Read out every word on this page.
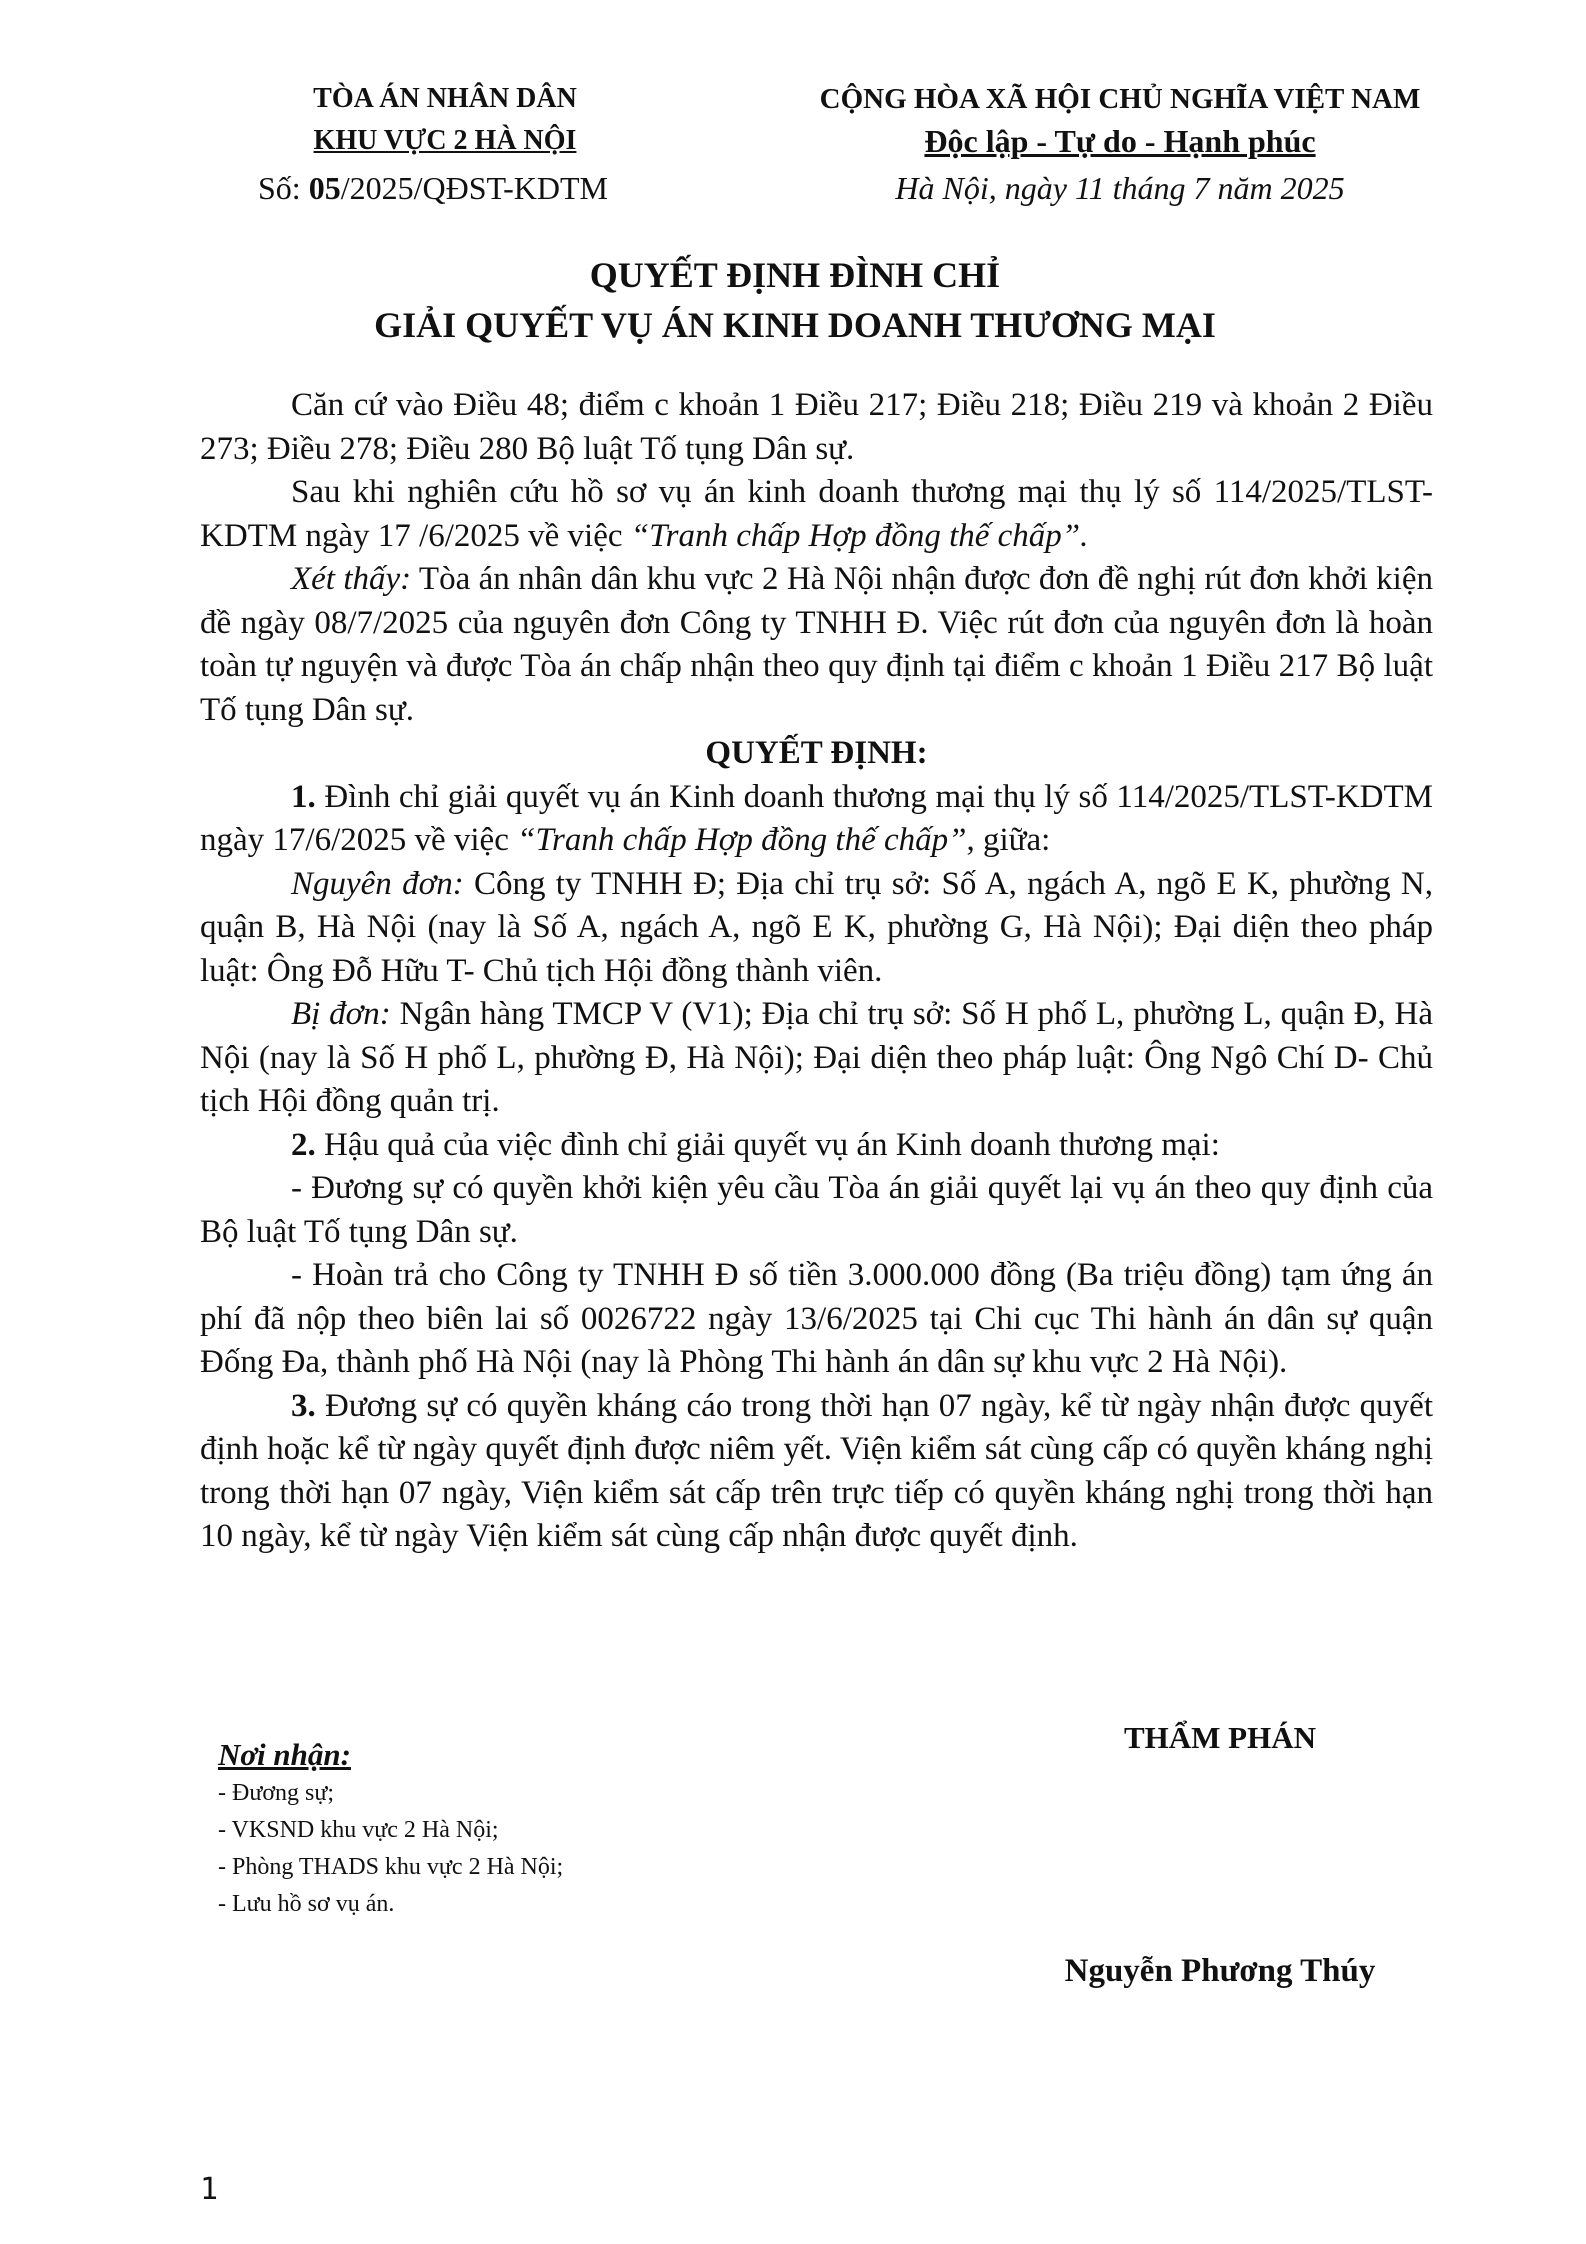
TÒA ÁN NHÂN DÂN
KHU VỰC 2 HÀ NỘI
CỘNG HÒA XÃ HỘI CHỦ NGHĨA VIỆT NAM
Độc lập - Tự do - Hạnh phúc
Số: 05/2025/QĐST-KDTM	Hà Nội, ngày 11 tháng 7 năm 2025
QUYẾT ĐỊNH ĐÌNH CHỈ
GIẢI QUYẾT VỤ ÁN KINH DOANH THƯƠNG MẠI

Căn cứ vào Điều 48; điểm c khoản 1 Điều 217; Điều 218; Điều 219 và khoản 2 Điều 273; Điều 278; Điều 280 Bộ luật Tố tụng Dân sự.

Sau khi nghiên cứu hồ sơ vụ án kinh doanh thương mại thụ lý số 114/2025/TLST-KDTM ngày 17 /6/2025 về việc “Tranh chấp Hợp đồng thế chấp”.

Xét thấy: Tòa án nhân dân khu vực 2 Hà Nội nhận được đơn đề nghị rút đơn khởi kiện đề ngày 08/7/2025 của nguyên đơn Công ty TNHH Đ. Việc rút đơn của nguyên đơn là hoàn toàn tự nguyện và được Tòa án chấp nhận theo quy định tại điểm c khoản 1 Điều 217 Bộ luật Tố tụng Dân sự.

QUYẾT ĐỊNH:

1. Đình chỉ giải quyết vụ án Kinh doanh thương mại thụ lý số 114/2025/TLST-KDTM ngày 17/6/2025 về việc “Tranh chấp Hợp đồng thế chấp”, giữa:

Nguyên đơn: Công ty TNHH Đ; Địa chỉ trụ sở: Số A, ngách A, ngõ E K, phường N, quận B, Hà Nội (nay là Số A, ngách A, ngõ E K, phường G, Hà Nội); Đại diện theo pháp luật: Ông Đỗ Hữu T- Chủ tịch Hội đồng thành viên.

Bị đơn: Ngân hàng TMCP V (V1); Địa chỉ trụ sở: Số H phố L, phường L, quận Đ, Hà Nội (nay là Số H phố L, phường Đ, Hà Nội); Đại diện theo pháp luật: Ông Ngô Chí D- Chủ tịch Hội đồng quản trị.

2. Hậu quả của việc đình chỉ giải quyết vụ án Kinh doanh thương mại:

- Đương sự có quyền khởi kiện yêu cầu Tòa án giải quyết lại vụ án theo quy định của Bộ luật Tố tụng Dân sự.

- Hoàn trả cho Công ty TNHH Đ số tiền 3.000.000 đồng (Ba triệu đồng) tạm ứng án phí đã nộp theo biên lai số 0026722 ngày 13/6/2025 tại Chi cục Thi hành án dân sự quận Đống Đa, thành phố Hà Nội (nay là Phòng Thi hành án dân sự khu vực 2 Hà Nội).

3. Đương sự có quyền kháng cáo trong thời hạn 07 ngày, kể từ ngày nhận được quyết định hoặc kể từ ngày quyết định được niêm yết. Viện kiểm sát cùng cấp có quyền kháng nghị trong thời hạn 07 ngày, Viện kiểm sát cấp trên trực tiếp có quyền kháng nghị trong thời hạn 10 ngày, kể từ ngày Viện kiểm sát cùng cấp nhận được quyết định.

Nơi nhận:
- Đương sự;
- VKSND khu vực 2 Hà Nội;
- Phòng THADS khu vực 2 Hà Nội;
- Lưu hồ sơ vụ án.
THẨM PHÁN
Nguyễn Phương Thúy
1
